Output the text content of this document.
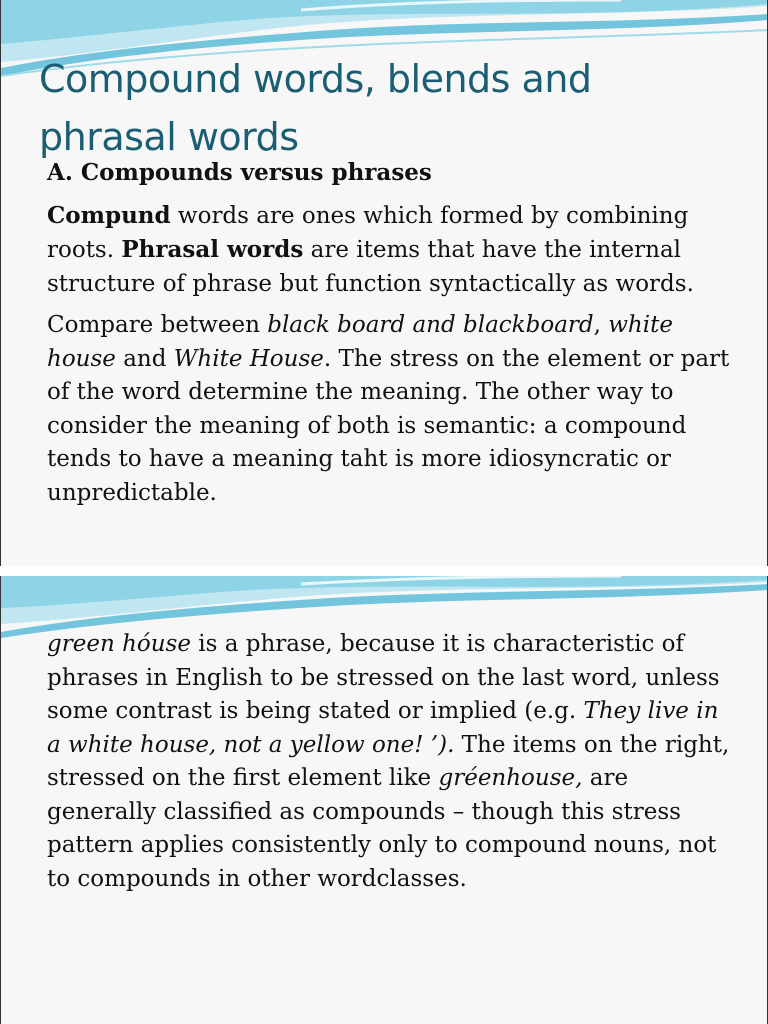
Compound words, blends and phrasal words

A. Compounds versus phrases

Compund words are ones which formed by combining roots. Phrasal words are items that have the internal structure of phrase but function syntactically as words.

Compare between black board and blackboard, white house and White House. The stress on the element or part of the word determine the meaning. The other way to consider the meaning of both is semantic: a compound tends to have a meaning taht is more idiosyncratic or unpredictable.

green hóuse is a phrase, because it is characteristic of phrases in English to be stressed on the last word, unless some contrast is being stated or implied (e.g. They live in a white house, not a yellow one! ’). The items on the right, stressed on the first element like gréenhouse, are generally classified as compounds – though this stress pattern applies consistently only to compound nouns, not to compounds in other wordclasses.
